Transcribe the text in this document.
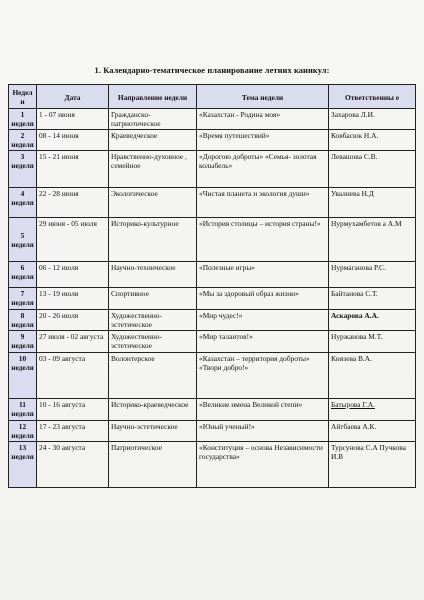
1. Календарно-тематическое планирование летних каникул:
Недел и	Дата	Направление недели	Тема недели	Ответственны е
1 неделя	1 - 07 июня	Гражданско-патриотическое	«Казахстан - Родина моя»	Захарова Л.И.
2 неделя	08 - 14 июня	Краеведческое	«Время путешествий»	Ковбасюк Н.А.
3 неделя	15 - 21 июня	Нравственно-духовное , семейное	«Дорогою доброты» «Семья- золотая колыбель»	Левашова С.В.
4 неделя	22 - 28 июня	Экологическое	«Чистая планета и экология души»	Увалиева Н.Д
5 неделя	29 июня - 05 июля	Историко-культурное	«История столицы – история страны!»	Нурмухамбетов а А.М
6 неделя	06 - 12 июля	Научно-техническое	«Полезные игры»	Нурмаганова Р.С.
7 неделя	13 - 19 июля	Спортивное	«Мы за здоровый образ жизни»	Байтанова С.Т.
8 неделя	20 - 26 июля	Художественно-эстетическое	«Мир чудес!»	Аскарова А.А.
9 неделя	27 июля - 02 августа	Художественно-эстетическое	«Мир талантов!»	Нуржанова М.Т.
10 неделя	03 - 09 августа	Волонтерское	«Казахстан – территория доброты» «Твори добро!»	Князева В.А.
11 неделя	10 - 16 августа	Историко-краеведческое	«Великие имена Великой степи»	Батырова Г.А.
12 неделя	17 - 23 августа	Научно-эстетическое	«Юный ученый!»	Айтбаева А.К.
13 неделя	24 - 30 августа	Патриотическое	«Конституция – основа Независимости государства»	Турсунова С.А Пучкова И.В
